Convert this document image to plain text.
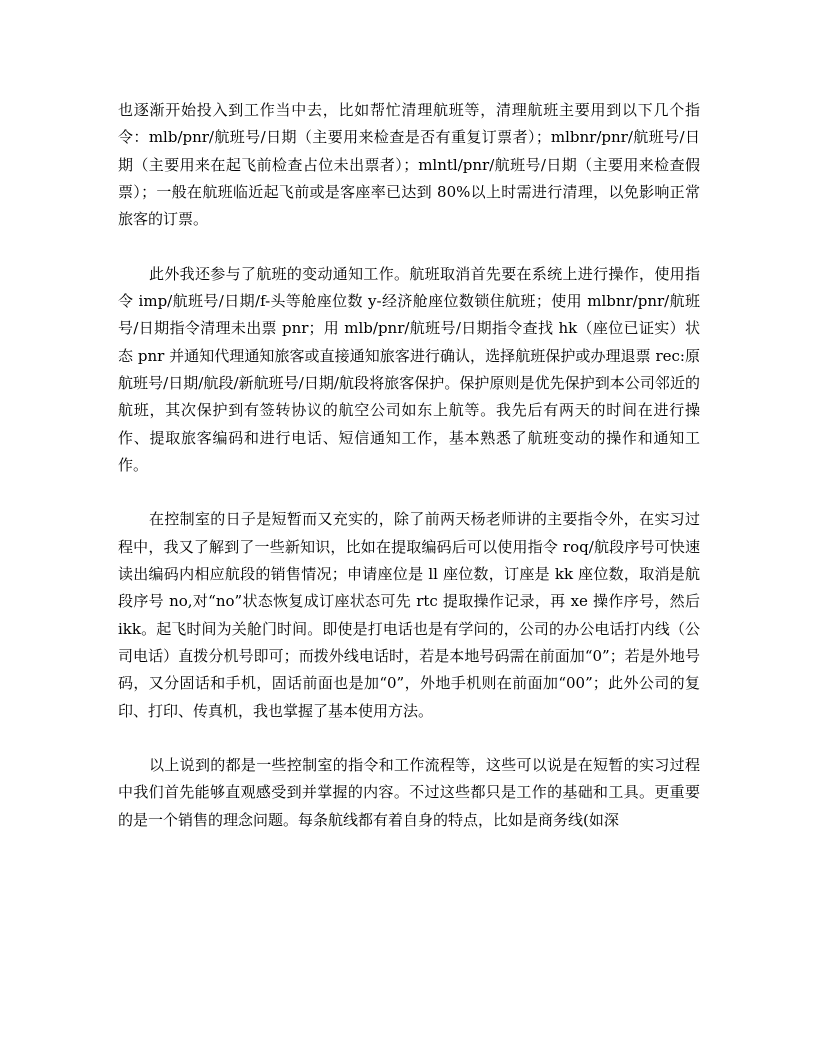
也逐渐开始投入到工作当中去，比如帮忙清理航班等，清理航班主要用到以下几个指令：mlb/pnr/航班号/日期（主要用来检查是否有重复订票者）；mlbnr/pnr/航班号/日期（主要用来在起飞前检查占位未出票者）；mlntl/pnr/航班号/日期（主要用来检查假票）；一般在航班临近起飞前或是客座率已达到 80%以上时需进行清理，以免影响正常旅客的订票。

此外我还参与了航班的变动通知工作。航班取消首先要在系统上进行操作，使用指令 imp/航班号/日期/f-头等舱座位数 y-经济舱座位数锁住航班；使用 mlbnr/pnr/航班号/日期指令清理未出票 pnr；用 mlb/pnr/航班号/日期指令查找 hk（座位已证实）状态 pnr 并通知代理通知旅客或直接通知旅客进行确认，选择航班保护或办理退票 rec:原航班号/日期/航段/新航班号/日期/航段将旅客保护。保护原则是优先保护到本公司邻近的航班，其次保护到有签转协议的航空公司如东上航等。我先后有两天的时间在进行操作、提取旅客编码和进行电话、短信通知工作，基本熟悉了航班变动的操作和通知工作。

在控制室的日子是短暂而又充实的，除了前两天杨老师讲的主要指令外，在实习过程中，我又了解到了一些新知识，比如在提取编码后可以使用指令 roq/航段序号可快速读出编码内相应航段的销售情况；申请座位是 ll 座位数，订座是 kk 座位数，取消是航段序号 no,对“no”状态恢复成订座状态可先 rtc 提取操作记录，再 xe 操作序号，然后 ikk。起飞时间为关舱门时间。即使是打电话也是有学问的，公司的办公电话打内线（公司电话）直拨分机号即可；而拨外线电话时，若是本地号码需在前面加“0”；若是外地号码，又分固话和手机，固话前面也是加“0”，外地手机则在前面加“00”；此外公司的复印、打印、传真机，我也掌握了基本使用方法。

以上说到的都是一些控制室的指令和工作流程等，这些可以说是在短暂的实习过程中我们首先能够直观感受到并掌握的内容。不过这些都只是工作的基础和工具。更重要的是一个销售的理念问题。每条航线都有着自身的特点，比如是商务线(如深
